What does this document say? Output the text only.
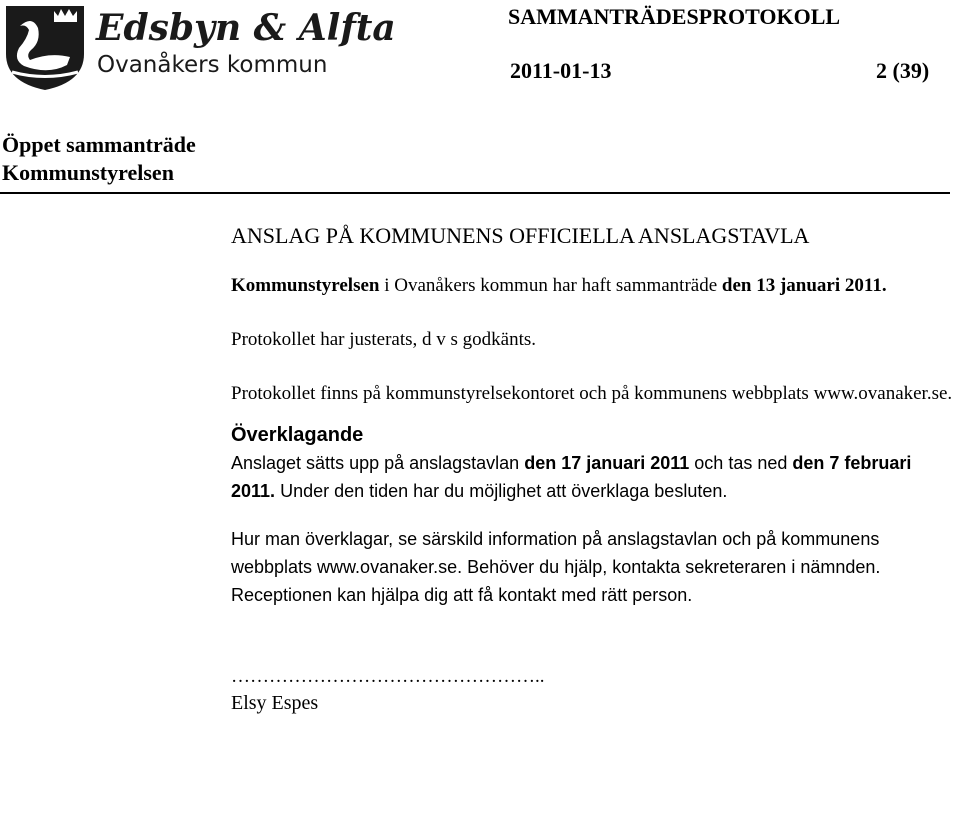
Edsbyn & Alfta
Ovanåkers kommun
SAMMANTRÄDESPROTOKOLL
2011-01-13	2 (39)
Öppet sammanträde
Kommunstyrelsen

ANSLAG PÅ KOMMUNENS OFFICIELLA ANSLAGSTAVLA

Kommunstyrelsen i Ovanåkers kommun har haft sammanträde den 13 januari 2011.

Protokollet har justerats, d v s godkänts.

Protokollet finns på kommunstyrelsekontoret och på kommunens webbplats www.ovanaker.se.

Överklagande

Anslaget sätts upp på anslagstavlan den 17 januari 2011 och tas ned den 7 februari 2011. Under den tiden har du möjlighet att överklaga besluten.

Hur man överklagar, se särskild information på anslagstavlan och på kommunens webbplats www.ovanaker.se. Behöver du hjälp, kontakta sekreteraren i nämnden. Receptionen kan hjälpa dig att få kontakt med rätt person.

…………………………………………..

Elsy Espes
